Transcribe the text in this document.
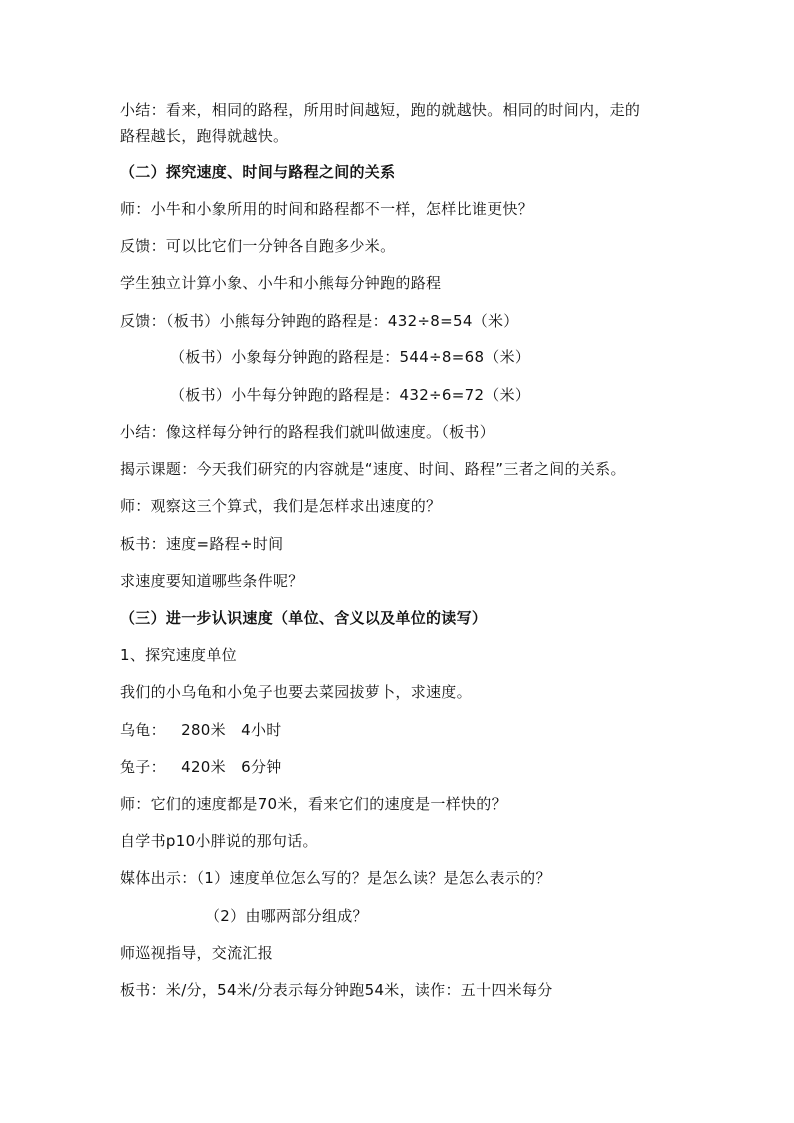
小结：看来，相同的路程，所用时间越短，跑的就越快。相同的时间内，走的

路程越长，跑得就越快。

（二）探究速度、时间与路程之间的关系

师：小牛和小象所用的时间和路程都不一样，怎样比谁更快？

反馈：可以比它们一分钟各自跑多少米。

学生独立计算小象、小牛和小熊每分钟跑的路程

反馈：（板书）小熊每分钟跑的路程是：432÷8=54（米）

（板书）小象每分钟跑的路程是：544÷8=68（米）

（板书）小牛每分钟跑的路程是：432÷6=72（米）

小结：像这样每分钟行的路程我们就叫做速度。（板书）

揭示课题：今天我们研究的内容就是“速度、时间、路程”三者之间的关系。

师：观察这三个算式，我们是怎样求出速度的？

板书：速度=路程÷时间

求速度要知道哪些条件呢？

（三）进一步认识速度（单位、含义以及单位的读写）

1、探究速度单位

我们的小乌龟和小兔子也要去菜园拔萝卜，求速度。

乌龟：   280米   4小时

兔子：   420米   6分钟

师：它们的速度都是70米，看来它们的速度是一样快的？

自学书p10小胖说的那句话。

媒体出示：（1）速度单位怎么写的？是怎么读？是怎么表示的？

（2）由哪两部分组成？

师巡视指导，交流汇报

板书：米/分，54米/分表示每分钟跑54米，读作：五十四米每分
